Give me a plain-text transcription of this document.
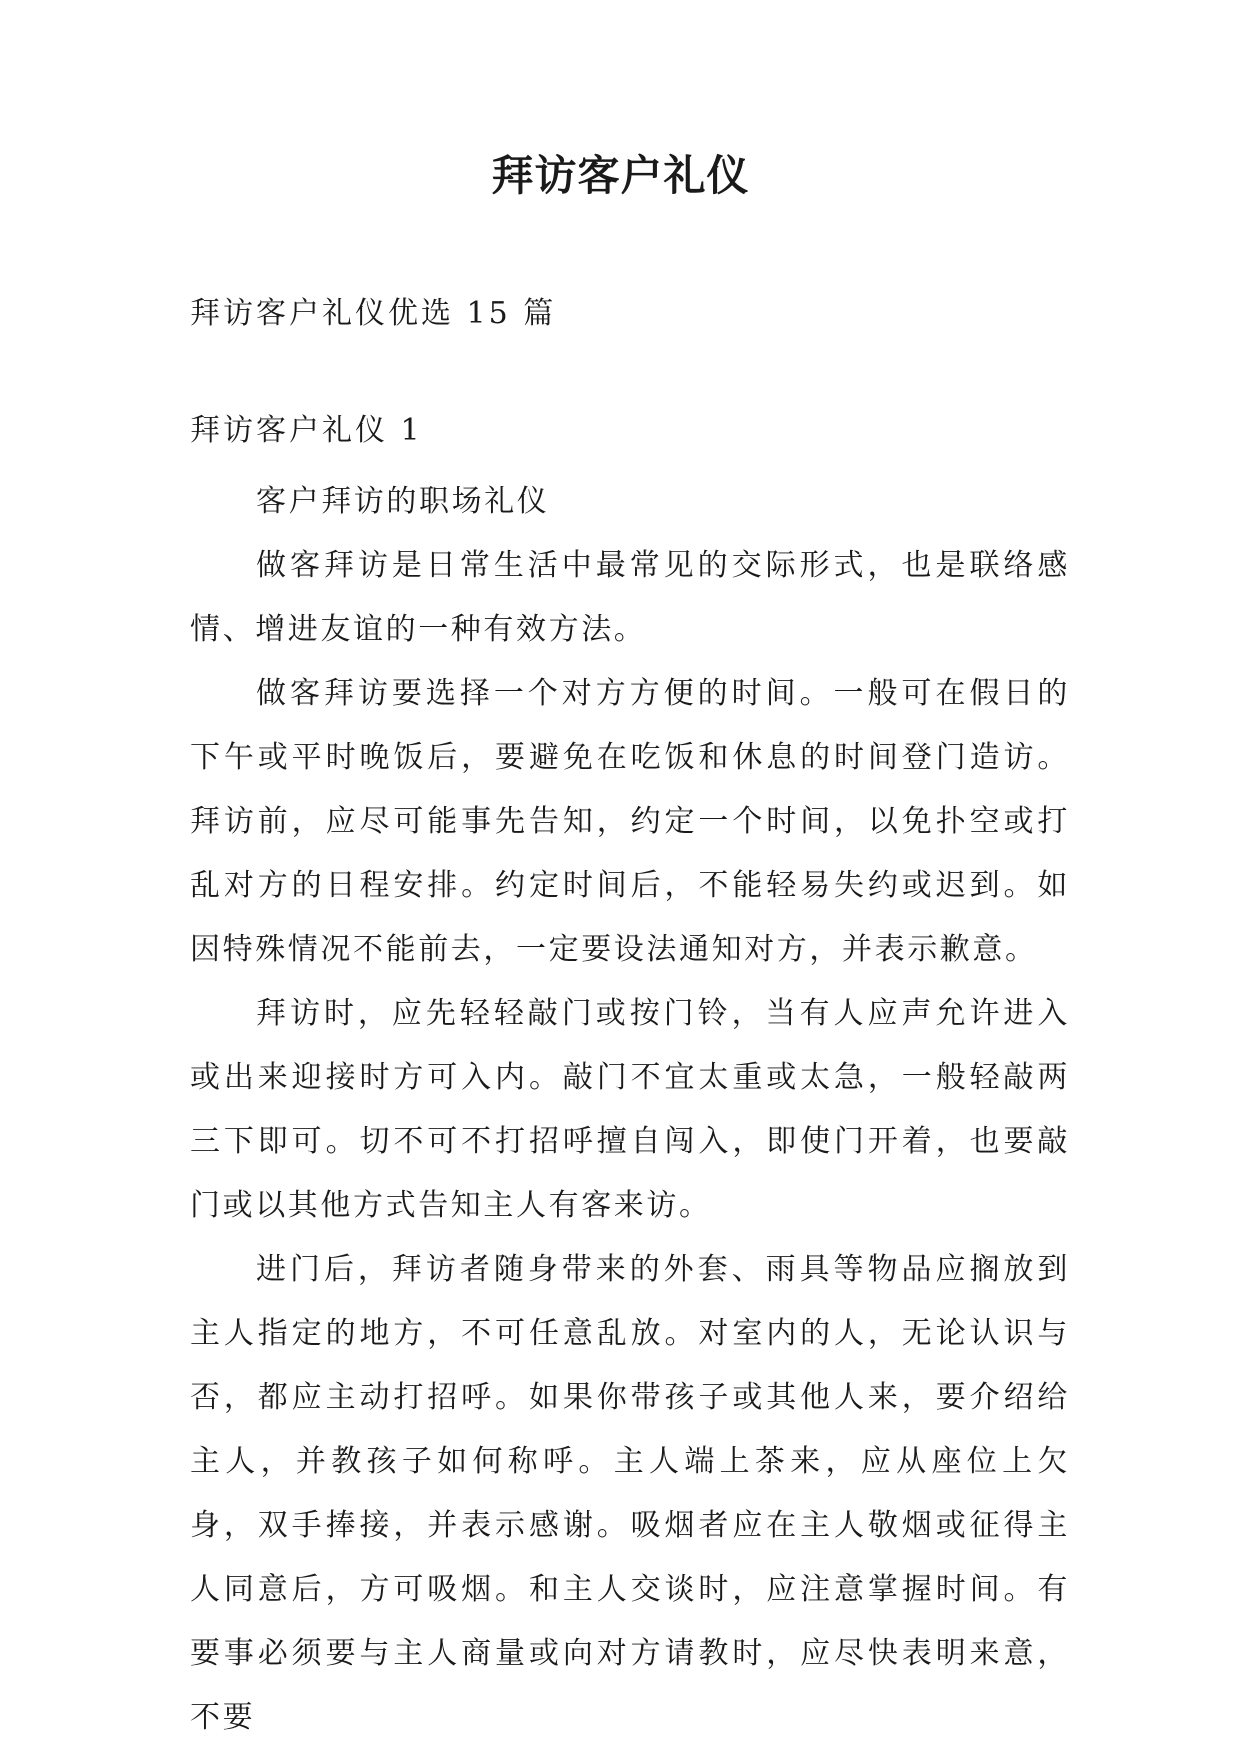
拜访客户礼仪
拜访客户礼仪优选 15 篇
拜访客户礼仪 1

客户拜访的职场礼仪

做客拜访是日常生活中最常见的交际形式，也是联络感情、增进友谊的一种有效方法。

做客拜访要选择一个对方方便的时间。一般可在假日的下午或平时晚饭后，要避免在吃饭和休息的时间登门造访。拜访前，应尽可能事先告知，约定一个时间，以免扑空或打乱对方的日程安排。约定时间后，不能轻易失约或迟到。如因特殊情况不能前去，一定要设法通知对方，并表示歉意。

拜访时，应先轻轻敲门或按门铃，当有人应声允许进入或出来迎接时方可入内。敲门不宜太重或太急，一般轻敲两三下即可。切不可不打招呼擅自闯入，即使门开着，也要敲门或以其他方式告知主人有客来访。

进门后，拜访者随身带来的外套、雨具等物品应搁放到主人指定的地方，不可任意乱放。对室内的人，无论认识与否，都应主动打招呼。如果你带孩子或其他人来，要介绍给主人，并教孩子如何称呼。主人端上茶来，应从座位上欠身，双手捧接，并表示感谢。吸烟者应在主人敬烟或征得主人同意后，方可吸烟。和主人交谈时，应注意掌握时间。有要事必须要与主人商量或向对方请教时，应尽快表明来意，不要
